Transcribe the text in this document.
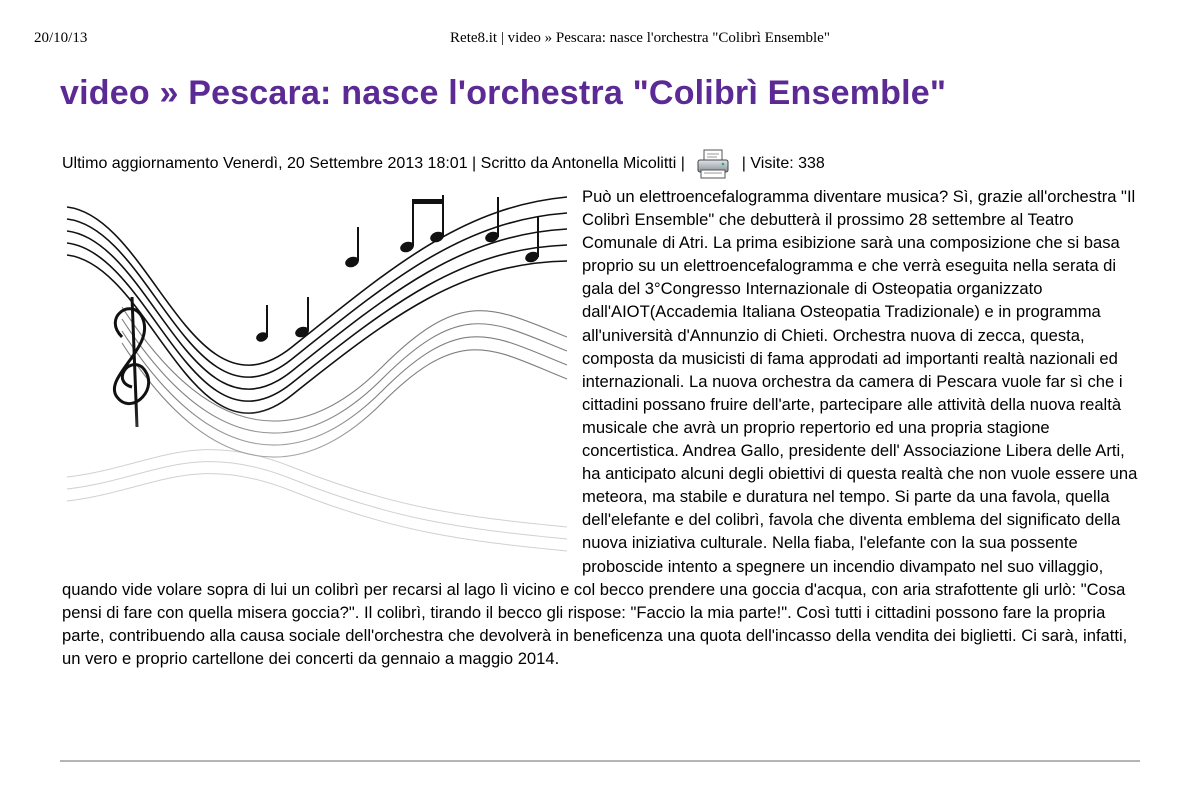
20/10/13	Rete8.it | video » Pescara: nasce l'orchestra "Colibrì Ensemble"
video » Pescara: nasce l'orchestra "Colibrì Ensemble"
Ultimo aggiornamento Venerdì, 20 Settembre 2013 18:01 | Scritto da Antonella Micolitti |	| Visite: 338

Può un elettroencefalogramma diventare musica? Sì, grazie all'orchestra "Il Colibrì Ensemble" che debutterà il prossimo 28 settembre al Teatro Comunale di Atri. La prima esibizione sarà una composizione che si basa proprio su un elettroencefalogramma e che verrà eseguita nella serata di gala del 3°Congresso Internazionale di Osteopatia organizzato dall'AIOT(Accademia Italiana Osteopatia Tradizionale) e in programma all'università d'Annunzio di Chieti. Orchestra nuova di zecca, questa, composta da musicisti di fama approdati ad importanti realtà nazionali ed internazionali. La nuova orchestra da camera di Pescara vuole far sì che i cittadini possano fruire dell'arte, partecipare alle attività della nuova realtà musicale che avrà un proprio repertorio ed una propria stagione concertistica. Andrea Gallo, presidente dell' Associazione Libera delle Arti, ha anticipato alcuni degli obiettivi di questa realtà che non vuole essere una meteora, ma stabile e duratura nel tempo. Si parte da una favola, quella dell'elefante e del colibrì, favola che diventa emblema del significato della nuova iniziativa culturale. Nella fiaba, l'elefante con la sua possente proboscide intento a spegnere un incendio divampato nel suo villaggio, quando vide volare sopra di lui un colibrì per recarsi al lago lì vicino e col becco prendere una goccia d'acqua, con aria strafottente gli urlò: "Cosa pensi di fare con quella misera goccia?". Il colibrì, tirando il becco gli rispose: "Faccio la mia parte!". Così tutti i cittadini possono fare la propria parte, contribuendo alla causa sociale dell'orchestra che devolverà in beneficenza una quota dell'incasso della vendita dei biglietti. Ci sarà, infatti, un vero e proprio cartellone dei concerti da gennaio a maggio 2014.
